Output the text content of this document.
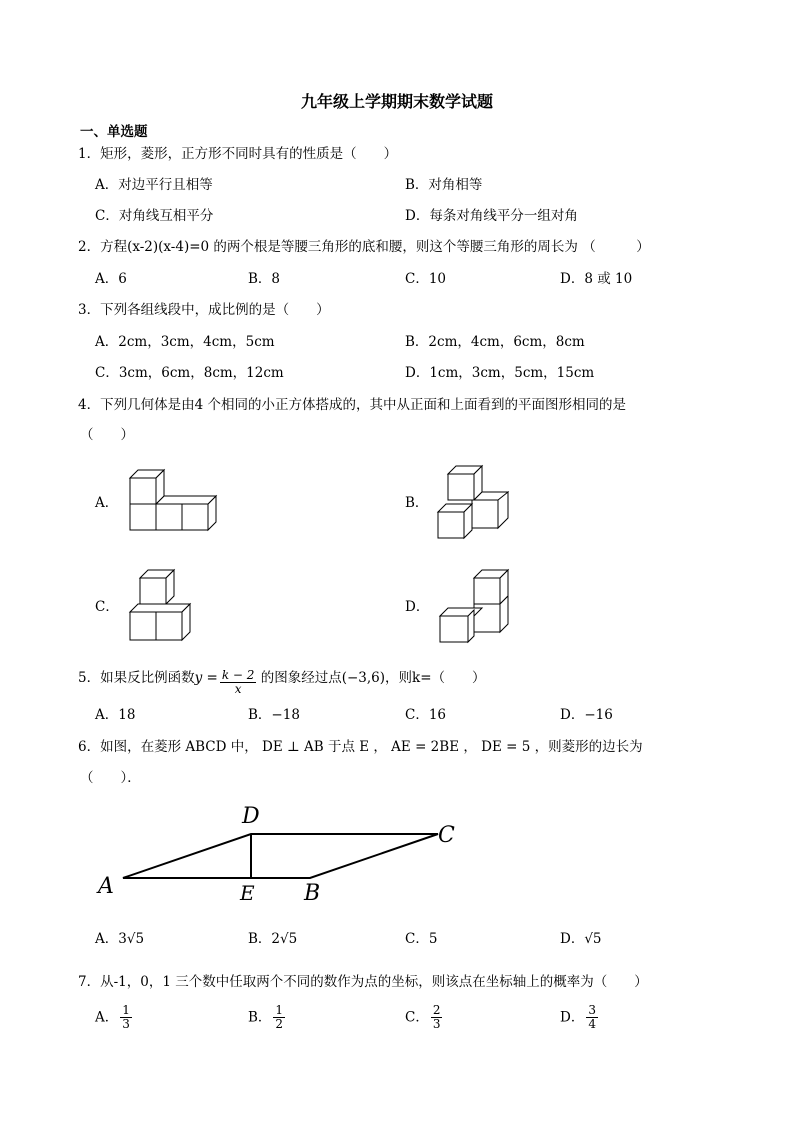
九年级上学期期末数学试题
一、单选题
1．矩形，菱形，正方形不同时具有的性质是（　　）
A．对边平行且相等	B．对角相等
C．对角线互相平分	D．每条对角线平分一组对角
2．方程(x-2)(x-4)=0 的两个根是等腰三角形的底和腰，则这个等腰三角形的周长为 （　　　）
A．6	B．8	C．10	D．8 或 10
3．下列各组线段中，成比例的是（　　）
A．2cm，3cm，4cm，5cm	B．2cm，4cm，6cm，8cm
C．3cm，6cm，8cm，12cm	D．1cm，3cm，5cm，15cm
4．下列几何体是由4 个相同的小正方体搭成的，其中从正面和上面看到的平面图形相同的是
（　　）
A．	B．
C．	D．
5．如果反比例函数$y = \frac{k - 2}{x}$ 的图象经过点(−3,6)，则k=（　　）
A．18	B．−18	C．16	D．−16
6．如图，在菱形 ABCD 中， DE ⊥ AB 于点 E ， AE = 2BE ， DE = 5 ，则菱形的边长为
（　　）．
A	B
C
D
E
A．3√5	B．2√5	C．5	D．√5
7．从-1，0，1 三个数中任取两个不同的数作为点的坐标，则该点在坐标轴上的概率为（　　）
A． $\frac{1}{3}$	B． $\frac{1}{2}$	C． $\frac{2}{3}$	D． $\frac{3}{4}$
